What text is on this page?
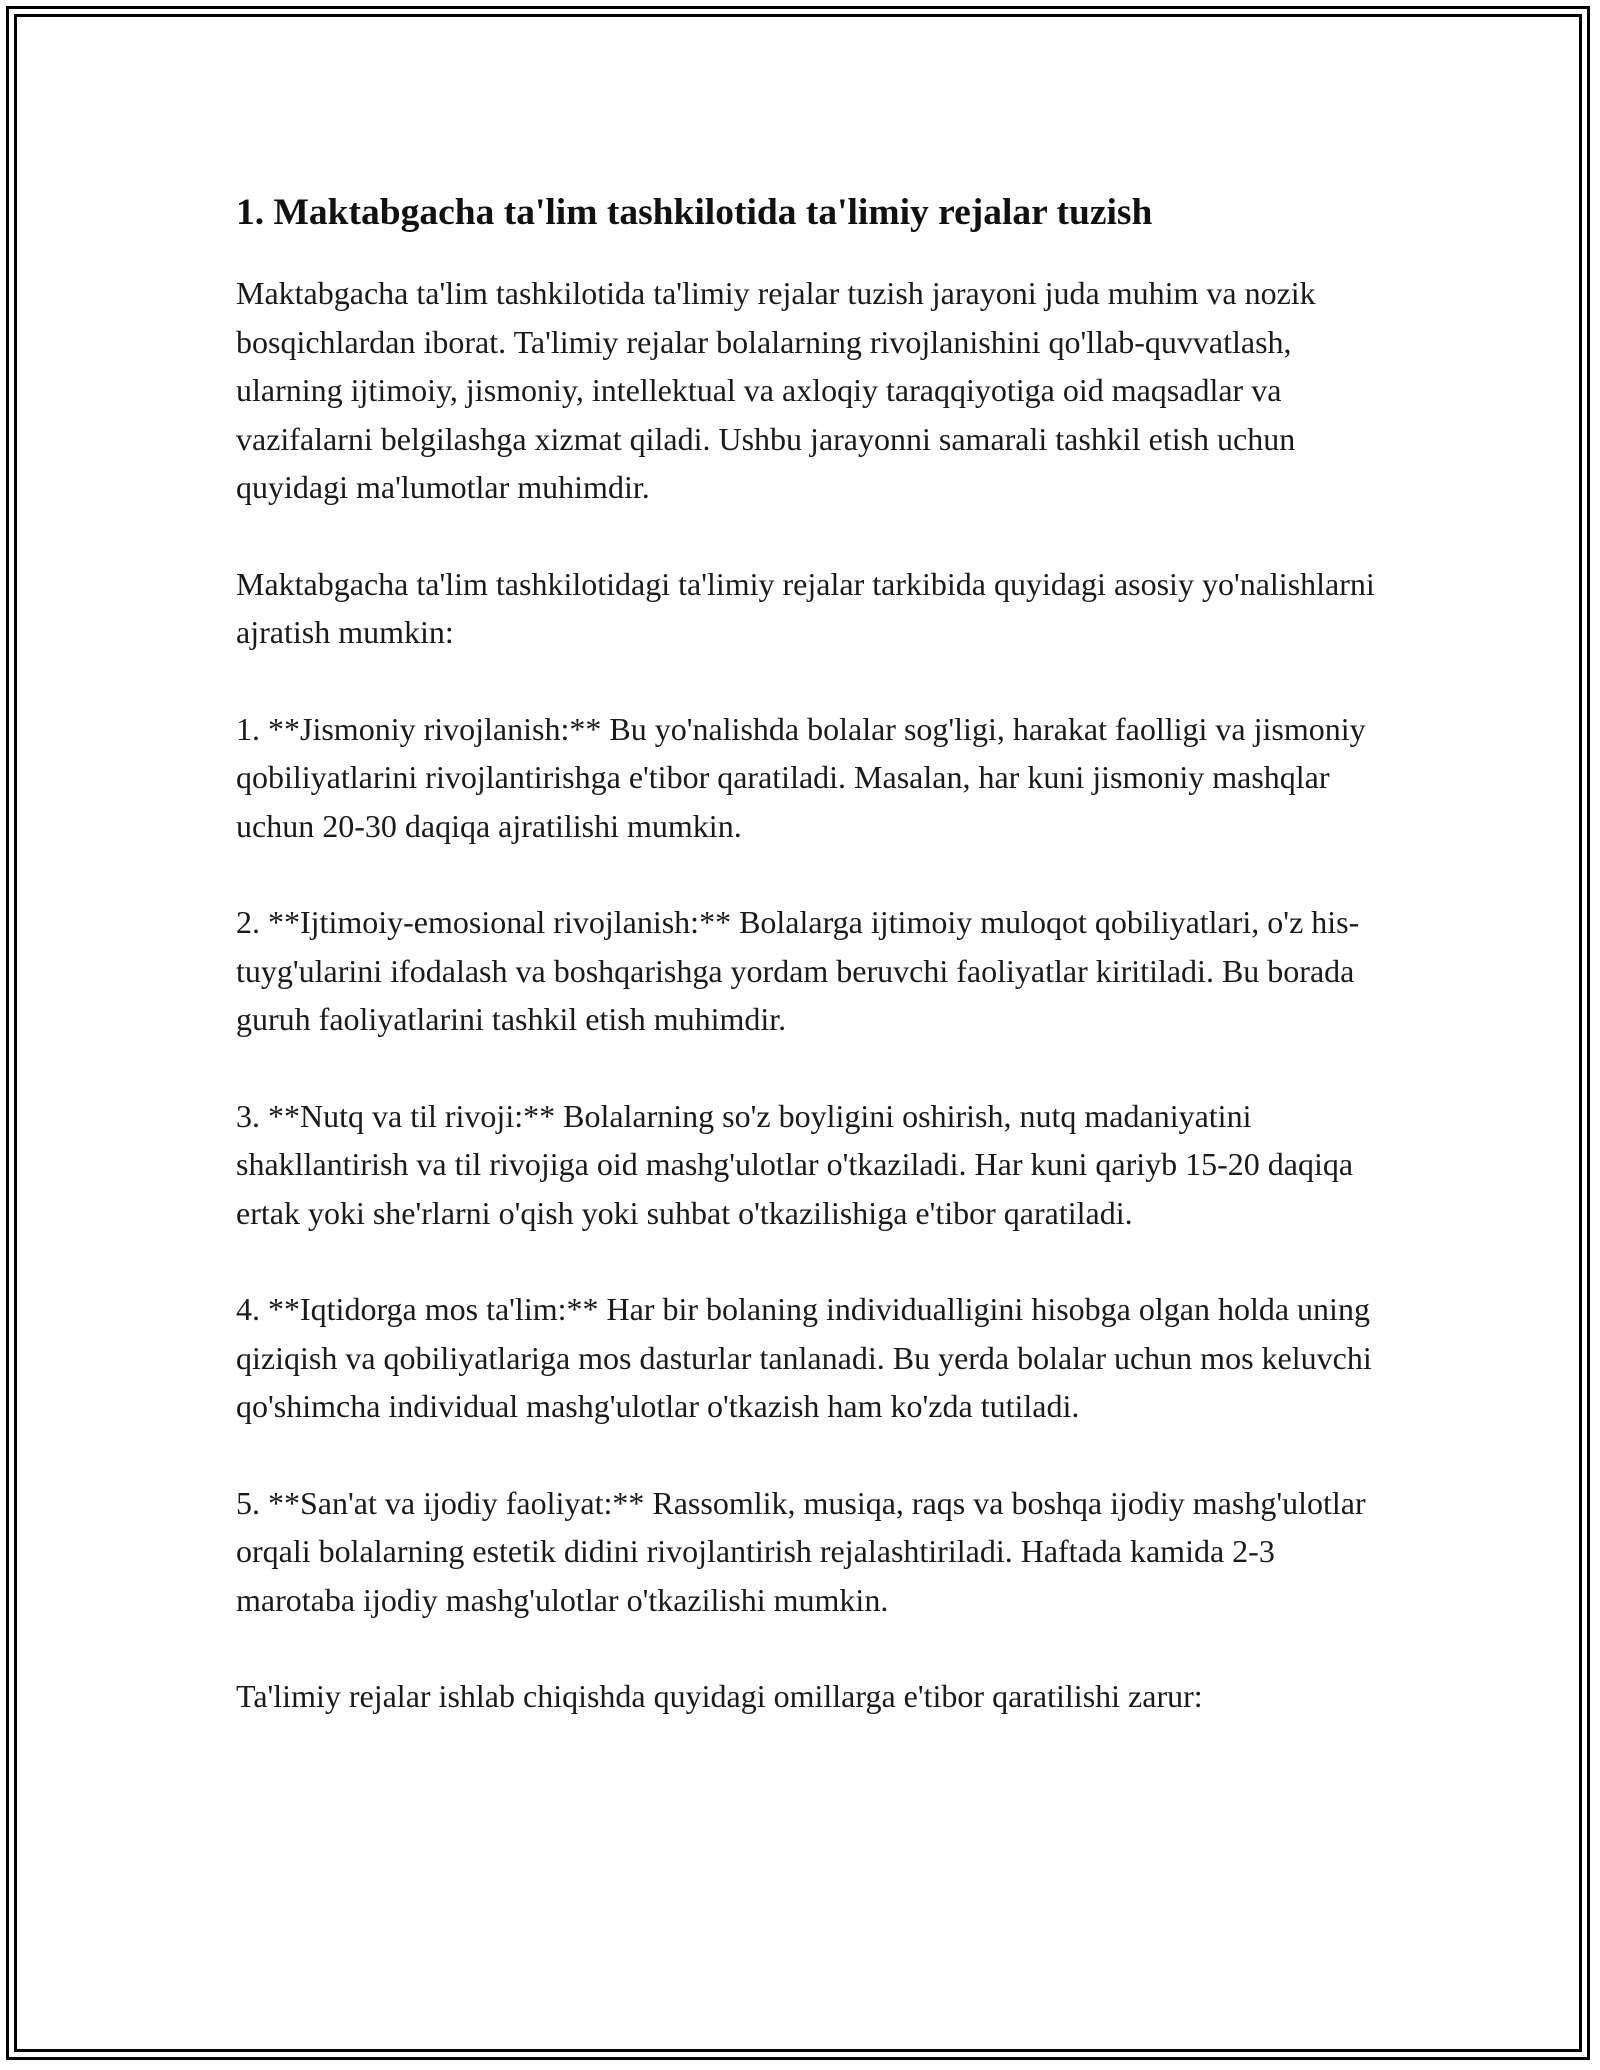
1. Maktabgacha ta'lim tashkilotida ta'limiy rejalar tuzish

Maktabgacha ta'lim tashkilotida ta'limiy rejalar tuzish jarayoni juda muhim va nozik bosqichlardan iborat. Ta'limiy rejalar bolalarning rivojlanishini qo'llab-quvvatlash, ularning ijtimoiy, jismoniy, intellektual va axloqiy taraqqiyotiga oid maqsadlar va vazifalarni belgilashga xizmat qiladi. Ushbu jarayonni samarali tashkil etish uchun quyidagi ma'lumotlar muhimdir.

Maktabgacha ta'lim tashkilotidagi ta'limiy rejalar tarkibida quyidagi asosiy yo'nalishlarni ajratish mumkin:

1. **Jismoniy rivojlanish:** Bu yo'nalishda bolalar sog'ligi, harakat faolligi va jismoniy qobiliyatlarini rivojlantirishga e'tibor qaratiladi. Masalan, har kuni jismoniy mashqlar uchun 20-30 daqiqa ajratilishi mumkin.

2. **Ijtimoiy-emosional rivojlanish:** Bolalarga ijtimoiy muloqot qobiliyatlari, o'z his-tuyg'ularini ifodalash va boshqarishga yordam beruvchi faoliyatlar kiritiladi. Bu borada guruh faoliyatlarini tashkil etish muhimdir.

3. **Nutq va til rivoji:** Bolalarning so'z boyligini oshirish, nutq madaniyatini shakllantirish va til rivojiga oid mashg'ulotlar o'tkaziladi. Har kuni qariyb 15-20 daqiqa ertak yoki she'rlarni o'qish yoki suhbat o'tkazilishiga e'tibor qaratiladi.

4. **Iqtidorga mos ta'lim:** Har bir bolaning individualligini hisobga olgan holda uning qiziqish va qobiliyatlariga mos dasturlar tanlanadi. Bu yerda bolalar uchun mos keluvchi qo'shimcha individual mashg'ulotlar o'tkazish ham ko'zda tutiladi.

5. **San'at va ijodiy faoliyat:** Rassomlik, musiqa, raqs va boshqa ijodiy mashg'ulotlar orqali bolalarning estetik didini rivojlantirish rejalashtiriladi. Haftada kamida 2-3 marotaba ijodiy mashg'ulotlar o'tkazilishi mumkin.

Ta'limiy rejalar ishlab chiqishda quyidagi omillarga e'tibor qaratilishi zarur:
